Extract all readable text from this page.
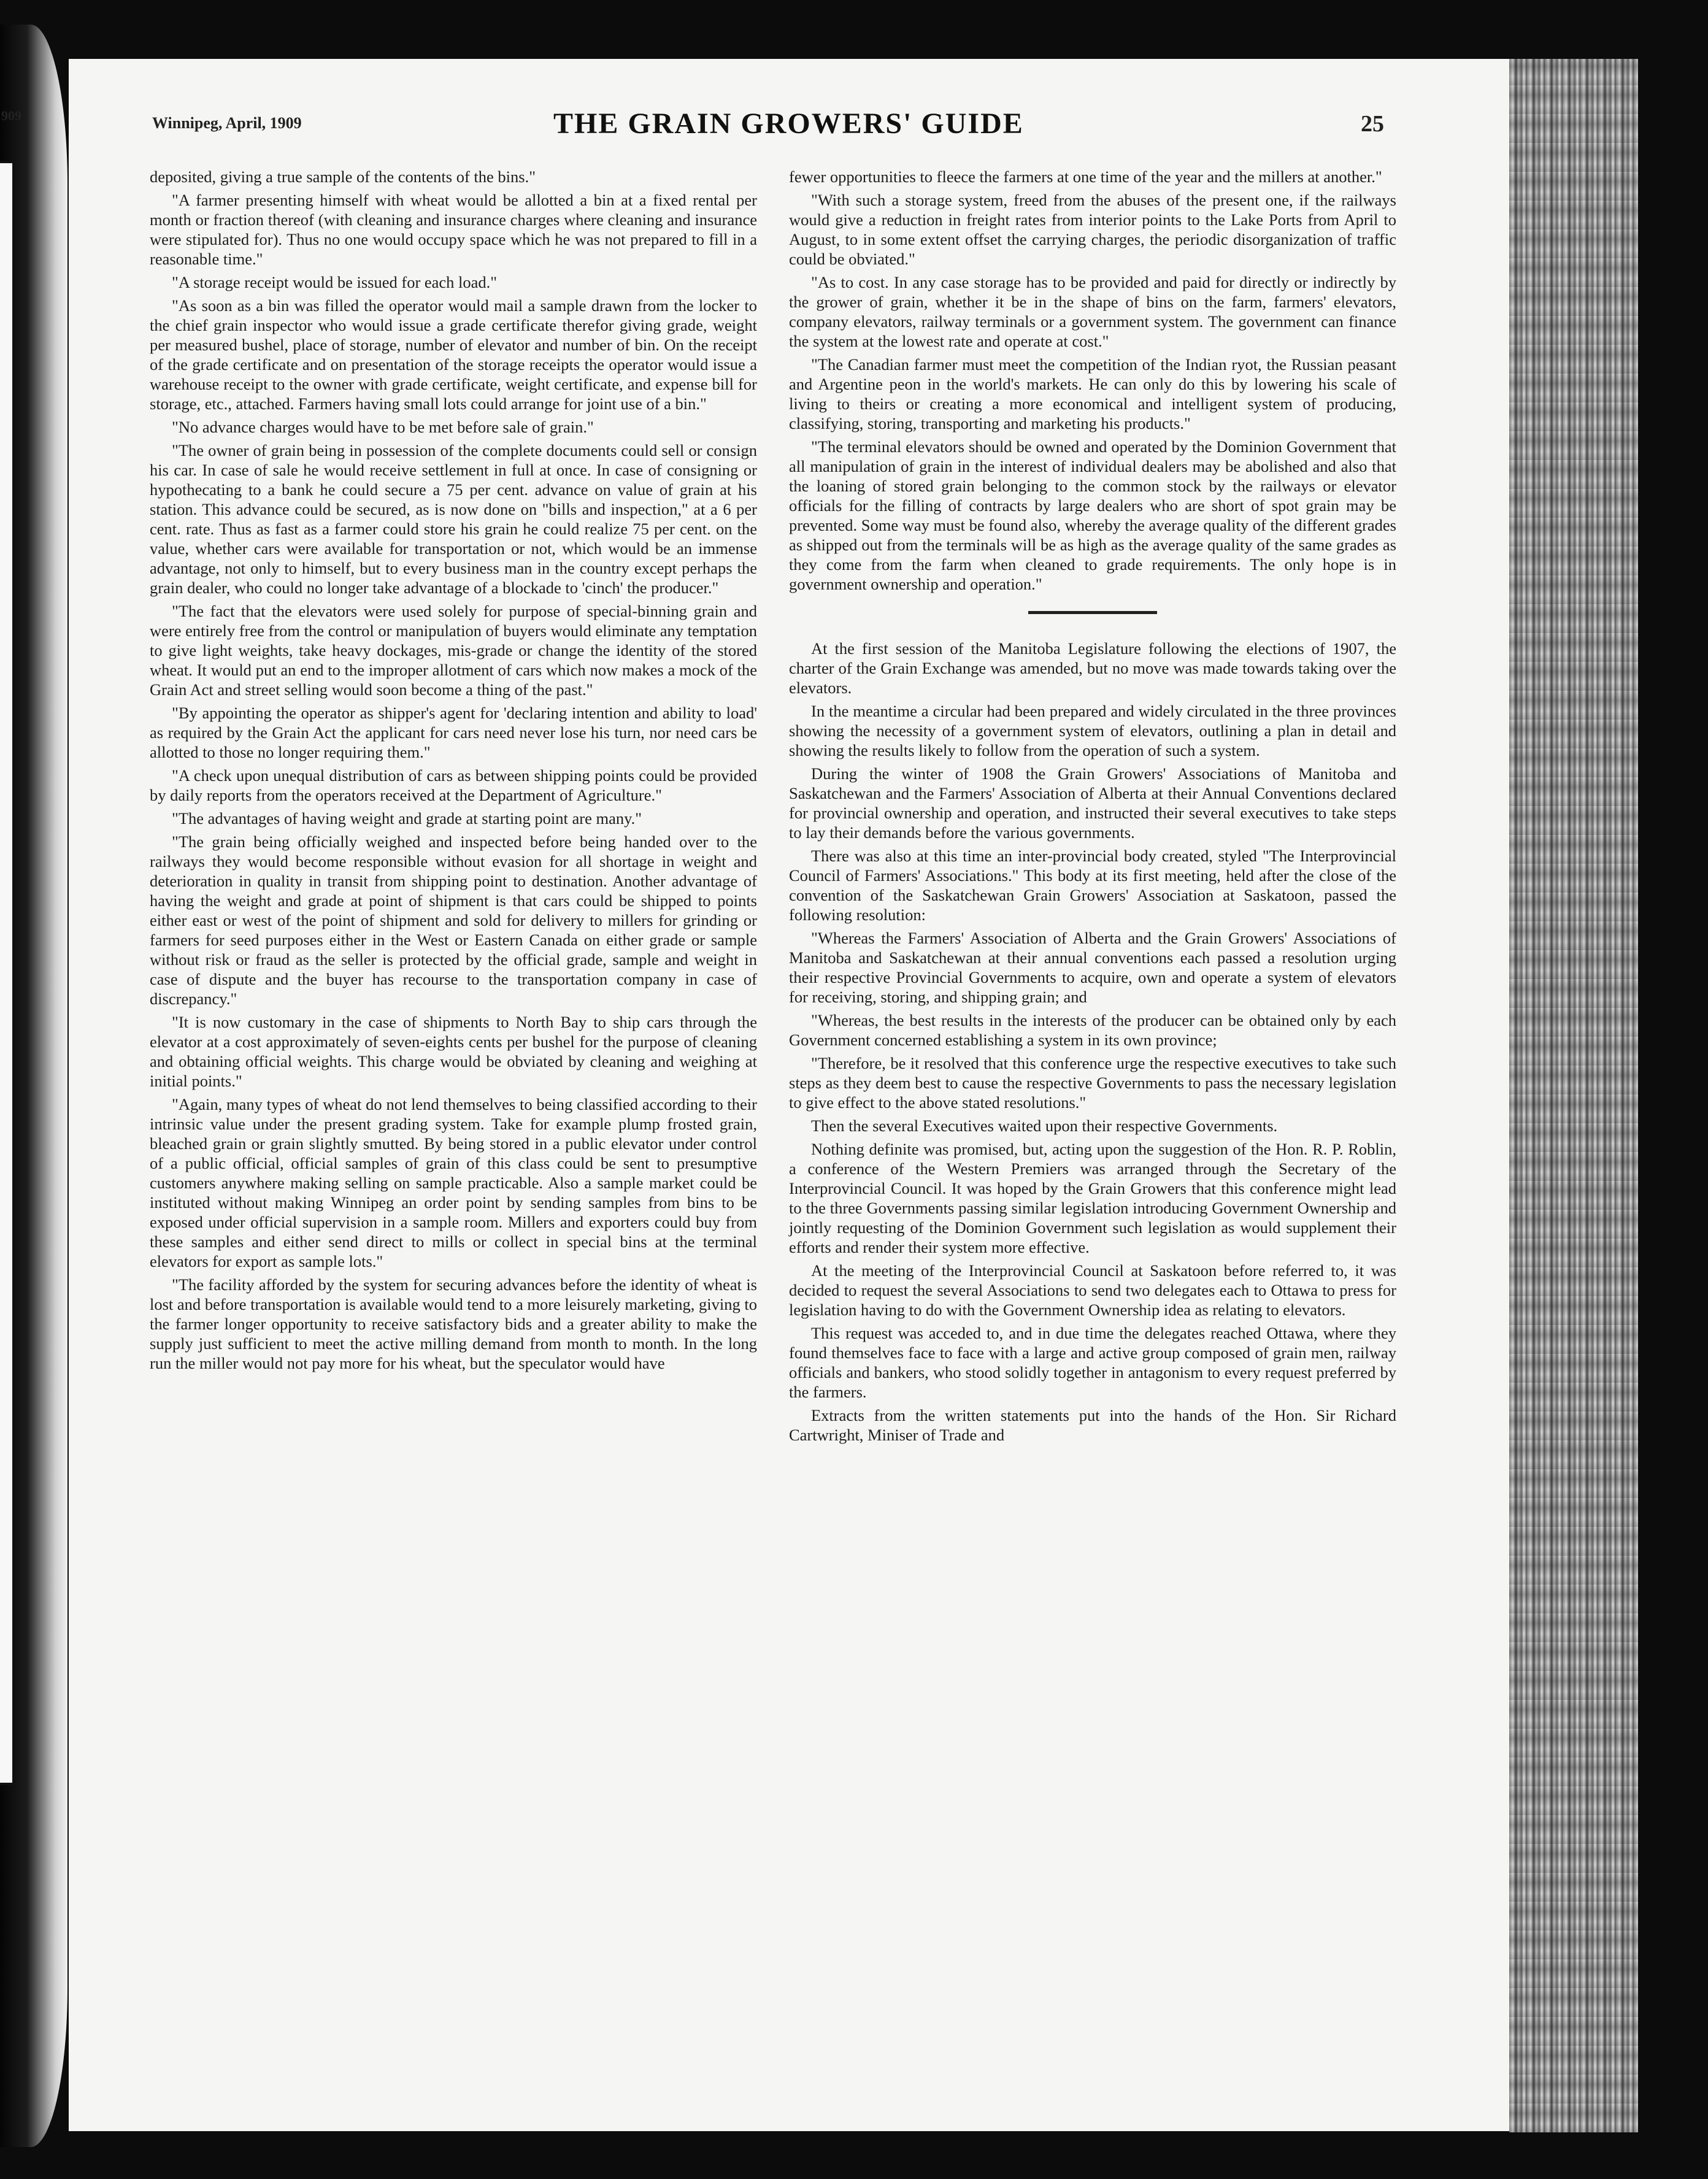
909	Winnipeg, April, 1909	THE GRAIN GROWERS' GUIDE	25

deposited, giving a true sample of the contents of the bins."

"A farmer presenting himself with wheat would be allotted a bin at a fixed rental per month or fraction thereof (with cleaning and insurance charges where cleaning and insurance were stipulated for). Thus no one would occupy space which he was not prepared to fill in a reasonable time."

"A storage receipt would be issued for each load."

"As soon as a bin was filled the operator would mail a sample drawn from the locker to the chief grain inspector who would issue a grade certificate therefor giving grade, weight per measured bushel, place of storage, number of elevator and number of bin. On the receipt of the grade certificate and on presentation of the storage receipts the operator would issue a warehouse receipt to the owner with grade certificate, weight certificate, and expense bill for storage, etc., attached. Farmers having small lots could arrange for joint use of a bin."

"No advance charges would have to be met before sale of grain."

"The owner of grain being in possession of the complete documents could sell or consign his car. In case of sale he would receive settlement in full at once. In case of consigning or hypothecating to a bank he could secure a 75 per cent. advance on value of grain at his station. This advance could be secured, as is now done on "bills and inspection," at a 6 per cent. rate. Thus as fast as a farmer could store his grain he could realize 75 per cent. on the value, whether cars were available for transportation or not, which would be an immense advantage, not only to himself, but to every business man in the country except perhaps the grain dealer, who could no longer take advantage of a blockade to 'cinch' the producer."

"The fact that the elevators were used solely for purpose of special-binning grain and were entirely free from the control or manipulation of buyers would eliminate any temptation to give light weights, take heavy dockages, mis-grade or change the identity of the stored wheat. It would put an end to the improper allotment of cars which now makes a mock of the Grain Act and street selling would soon become a thing of the past."

"By appointing the operator as shipper's agent for 'declaring intention and ability to load' as required by the Grain Act the applicant for cars need never lose his turn, nor need cars be allotted to those no longer requiring them."

"A check upon unequal distribution of cars as between shipping points could be provided by daily reports from the operators received at the Department of Agriculture."

"The advantages of having weight and grade at starting point are many."

"The grain being officially weighed and inspected before being handed over to the railways they would become responsible without evasion for all shortage in weight and deterioration in quality in transit from shipping point to destination. Another advantage of having the weight and grade at point of shipment is that cars could be shipped to points either east or west of the point of shipment and sold for delivery to millers for grinding or farmers for seed purposes either in the West or Eastern Canada on either grade or sample without risk or fraud as the seller is protected by the official grade, sample and weight in case of dispute and the buyer has recourse to the transportation company in case of discrepancy."

"It is now customary in the case of shipments to North Bay to ship cars through the elevator at a cost approximately of seven-eights cents per bushel for the purpose of cleaning and obtaining official weights. This charge would be obviated by cleaning and weighing at initial points."

"Again, many types of wheat do not lend themselves to being classified according to their intrinsic value under the present grading system. Take for example plump frosted grain, bleached grain or grain slightly smutted. By being stored in a public elevator under control of a public official, official samples of grain of this class could be sent to presumptive customers anywhere making selling on sample practicable. Also a sample market could be instituted without making Winnipeg an order point by sending samples from bins to be exposed under official supervision in a sample room. Millers and exporters could buy from these samples and either send direct to mills or collect in special bins at the terminal elevators for export as sample lots."

"The facility afforded by the system for securing advances before the identity of wheat is lost and before transportation is available would tend to a more leisurely marketing, giving to the farmer longer opportunity to receive satisfactory bids and a greater ability to make the supply just sufficient to meet the active milling demand from month to month. In the long run the miller would not pay more for his wheat, but the speculator would have

fewer opportunities to fleece the farmers at one time of the year and the millers at another."

"With such a storage system, freed from the abuses of the present one, if the railways would give a reduction in freight rates from interior points to the Lake Ports from April to August, to in some extent offset the carrying charges, the periodic disorganization of traffic could be obviated."

"As to cost. In any case storage has to be provided and paid for directly or indirectly by the grower of grain, whether it be in the shape of bins on the farm, farmers' elevators, company elevators, railway terminals or a government system. The government can finance the system at the lowest rate and operate at cost."

"The Canadian farmer must meet the competition of the Indian ryot, the Russian peasant and Argentine peon in the world's markets. He can only do this by lowering his scale of living to theirs or creating a more economical and intelligent system of producing, classifying, storing, transporting and marketing his products."

"The terminal elevators should be owned and operated by the Dominion Government that all manipulation of grain in the interest of individual dealers may be abolished and also that the loaning of stored grain belonging to the common stock by the railways or elevator officials for the filling of contracts by large dealers who are short of spot grain may be prevented. Some way must be found also, whereby the average quality of the different grades as shipped out from the terminals will be as high as the average quality of the same grades as they come from the farm when cleaned to grade requirements. The only hope is in government ownership and operation."

At the first session of the Manitoba Legislature following the elections of 1907, the charter of the Grain Exchange was amended, but no move was made towards taking over the elevators.

In the meantime a circular had been prepared and widely circulated in the three provinces showing the necessity of a government system of elevators, outlining a plan in detail and showing the results likely to follow from the operation of such a system.

During the winter of 1908 the Grain Growers' Associations of Manitoba and Saskatchewan and the Farmers' Association of Alberta at their Annual Conventions declared for provincial ownership and operation, and instructed their several executives to take steps to lay their demands before the various governments.

There was also at this time an inter-provincial body created, styled "The Interprovincial Council of Farmers' Associations." This body at its first meeting, held after the close of the convention of the Saskatchewan Grain Growers' Association at Saskatoon, passed the following resolution:

"Whereas the Farmers' Association of Alberta and the Grain Growers' Associations of Manitoba and Saskatchewan at their annual conventions each passed a resolution urging their respective Provincial Governments to acquire, own and operate a system of elevators for receiving, storing, and shipping grain; and

"Whereas, the best results in the interests of the producer can be obtained only by each Government concerned establishing a system in its own province;

"Therefore, be it resolved that this conference urge the respective executives to take such steps as they deem best to cause the respective Governments to pass the necessary legislation to give effect to the above stated resolutions."

Then the several Executives waited upon their respective Governments.

Nothing definite was promised, but, acting upon the suggestion of the Hon. R. P. Roblin, a conference of the Western Premiers was arranged through the Secretary of the Interprovincial Council. It was hoped by the Grain Growers that this conference might lead to the three Governments passing similar legislation introducing Government Ownership and jointly requesting of the Dominion Government such legislation as would supplement their efforts and render their system more effective.

At the meeting of the Interprovincial Council at Saskatoon before referred to, it was decided to request the several Associations to send two delegates each to Ottawa to press for legislation having to do with the Government Ownership idea as relating to elevators.

This request was acceded to, and in due time the delegates reached Ottawa, where they found themselves face to face with a large and active group composed of grain men, railway officials and bankers, who stood solidly together in antagonism to every request preferred by the farmers.

Extracts from the written statements put into the hands of the Hon. Sir Richard Cartwright, Miniser of Trade and
